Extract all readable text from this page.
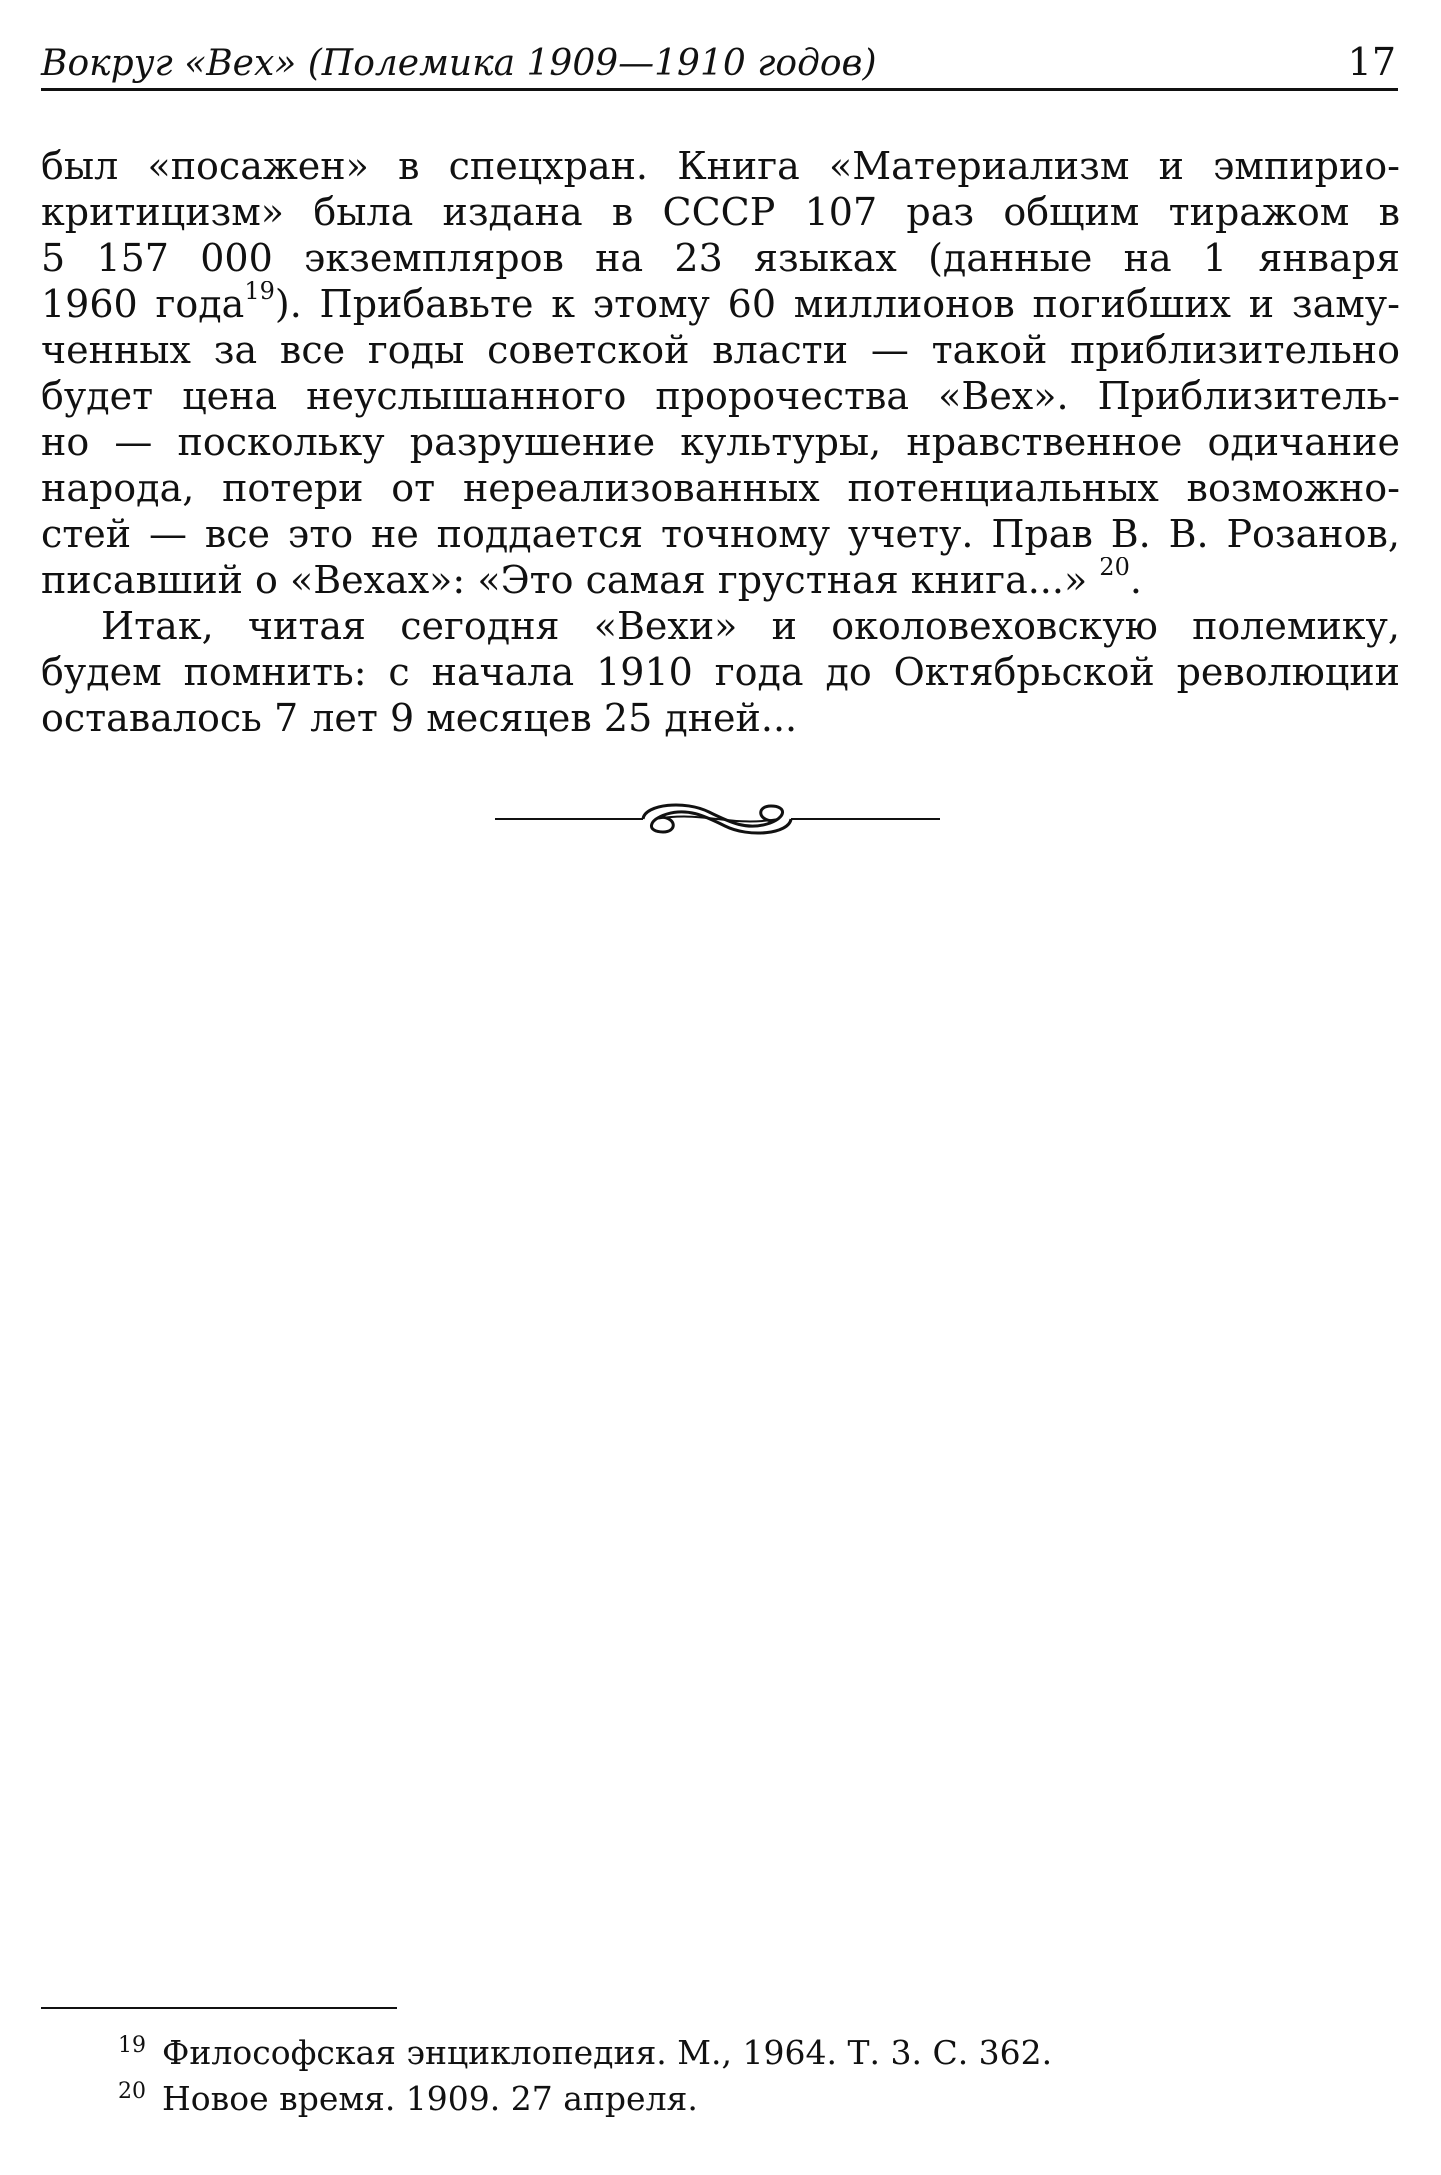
Вокруг «Вех» (Полемика 1909—1910 годов)	17
был «посажен» в спецхран. Книга «Материализм и эмпирио-
критицизм» была издана в СССР 107 раз общим тиражом в
5 157 000 экземпляров на 23 языках (данные на 1 января
1960 года$^{19}$). Прибавьте к этому 60 миллионов погибших и заму-
ченных за все годы советской власти — такой приблизительно
будет цена неуслышанного пророчества «Вех». Приблизитель-
но — поскольку разрушение культуры, нравственное одичание
народа, потери от нереализованных потенциальных возможно-
стей — все это не поддается точному учету. Прав В. В. Розанов,
писавший о «Вехах»: «Это самая грустная книга...» $^{20}$.
Итак, читая сегодня «Вехи» и околовеховскую полемику,
будем помнить: с начала 1910 года до Октябрьской революции
оставалось 7 лет 9 месяцев 25 дней...
$^{19}$ Философская энциклопедия. М., 1964. Т. 3. С. 362.
$^{20}$ Новое время. 1909. 27 апреля.
